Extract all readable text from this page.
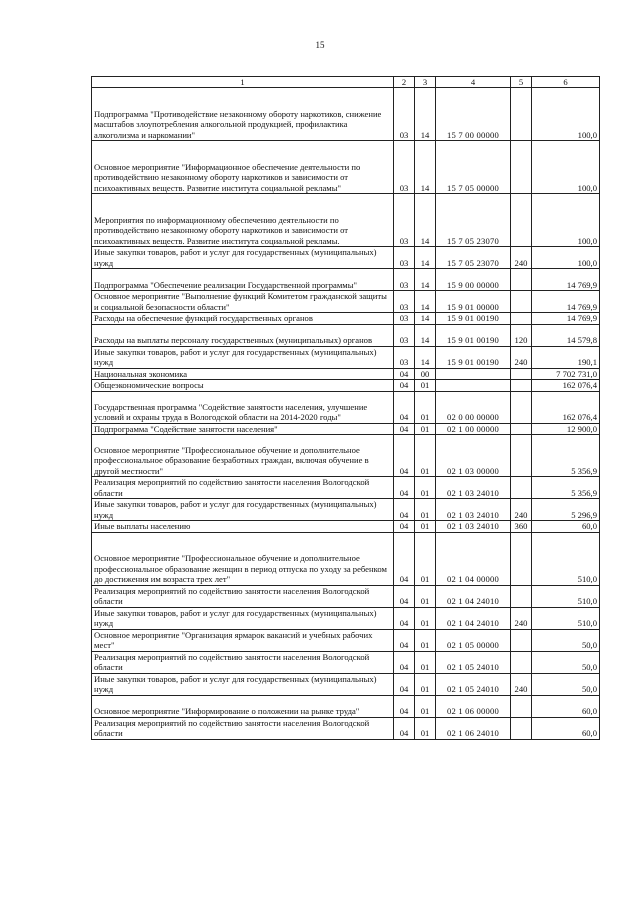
15
1	2	3	4	5	6
Подпрограмма "Противодействие незаконному обороту наркотиков, снижение масштабов злоупотребления алкогольной продукцией, профилактика алкоголизма и наркомании"	03	14	15 7 00 00000		100,0
Основное мероприятие "Информационное обеспечение деятельности по противодействию незаконному обороту наркотиков и зависимости от психоактивных веществ. Развитие института социальной рекламы"	03	14	15 7 05 00000		100,0
Мероприятия по информационному обеспечению деятельности по противодействию незаконному обороту наркотиков и зависимости от психоактивных веществ. Развитие института социальной рекламы.	03	14	15 7 05 23070		100,0
Иные закупки товаров, работ и услуг для государственных (муниципальных) нужд	03	14	15 7 05 23070	240	100,0
Подпрограмма "Обеспечение реализации Государственной программы"	03	14	15 9 00 00000		14 769,9
Основное мероприятие "Выполнение функций Комитетом гражданской защиты и социальной безопасности области"	03	14	15 9 01 00000		14 769,9
Расходы на обеспечение функций государственных органов	03	14	15 9 01 00190		14 769,9
Расходы на выплаты персоналу государственных (муниципальных) органов	03	14	15 9 01 00190	120	14 579,8
Иные закупки товаров, работ и услуг для государственных (муниципальных) нужд	03	14	15 9 01 00190	240	190,1
Национальная экономика	04	00			7 702 731,0
Общеэкономические вопросы	04	01			162 076,4
Государственная программа "Содействие занятости населения, улучшение условий и охраны труда в Вологодской области на 2014-2020 годы"	04	01	02 0 00 00000		162 076,4
Подпрограмма "Содействие занятости населения"	04	01	02 1 00 00000		12 900,0
Основное мероприятие "Профессиональное обучение и дополнительное профессиональное образование безработных граждан, включая обучение в другой местности"	04	01	02 1 03 00000		5 356,9
Реализация мероприятий по содействию занятости населения Вологодской области	04	01	02 1 03 24010		5 356,9
Иные закупки товаров, работ и услуг для государственных (муниципальных) нужд	04	01	02 1 03 24010	240	5 296,9
Иные выплаты населению	04	01	02 1 03 24010	360	60,0
Основное мероприятие "Профессиональное обучение и дополнительное профессиональное образование женщин в период отпуска по уходу за ребенком до достижения им возраста трех лет"	04	01	02 1 04 00000		510,0
Реализация мероприятий по содействию занятости населения Вологодской области	04	01	02 1 04 24010		510,0
Иные закупки товаров, работ и услуг для государственных (муниципальных) нужд	04	01	02 1 04 24010	240	510,0
Основное мероприятие "Организация ярмарок вакансий и учебных рабочих мест"	04	01	02 1 05 00000		50,0
Реализация мероприятий по содействию занятости населения Вологодской области	04	01	02 1 05 24010		50,0
Иные закупки товаров, работ и услуг для государственных (муниципальных) нужд	04	01	02 1 05 24010	240	50,0
Основное мероприятие "Информирование о положении на рынке труда"	04	01	02 1 06 00000		60,0
Реализация мероприятий по содействию занятости населения Вологодской области	04	01	02 1 06 24010		60,0
